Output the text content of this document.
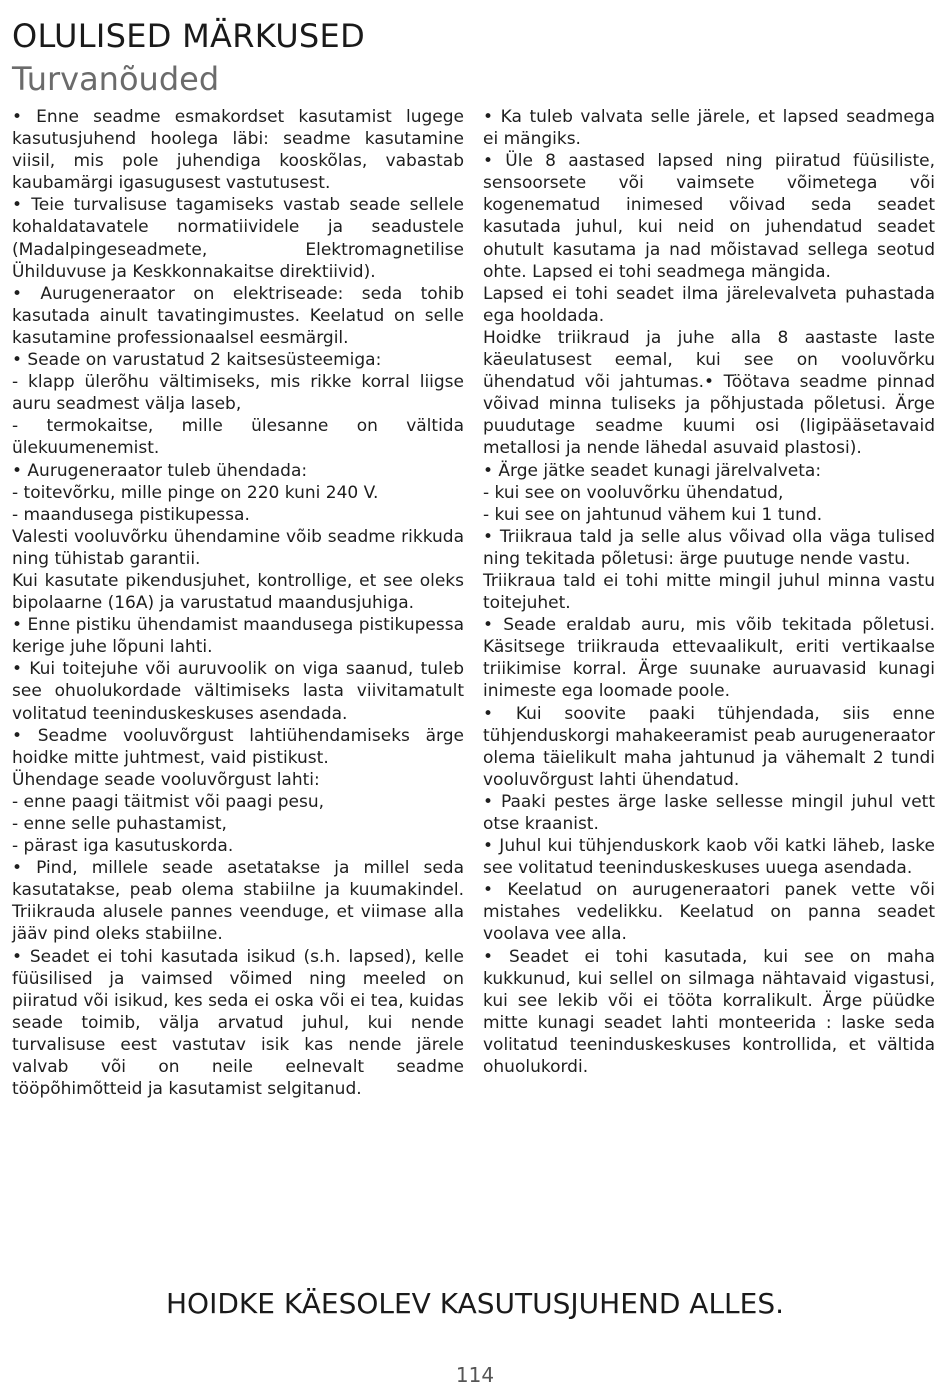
OLULISED MÄRKUSED
Turvanõuded

• Enne seadme esmakordset kasutamist lugege kasutusjuhend hoolega läbi: seadme kasutamine viisil, mis pole juhendiga kooskõlas, vabastab kaubamärgi igasugusest vastutusest.

• Teie turvalisuse tagamiseks vastab seade sellele kohaldatavatele normatiividele ja seadustele (Madalpingeseadmete, Elektromagnetilise Ühilduvuse ja Keskkonnakaitse direktiivid).

• Aurugeneraator on elektriseade: seda tohib kasutada ainult tavatingimustes. Keelatud on selle kasutamine professionaalsel eesmärgil.

• Seade on varustatud 2 kaitsesüsteemiga:

- klapp ülerõhu vältimiseks, mis rikke korral liigse auru seadmest välja laseb,

- termokaitse, mille ülesanne on vältida ülekuumenemist.

• Aurugeneraator tuleb ühendada:

- toitevõrku, mille pinge on 220 kuni 240 V.

- maandusega pistikupessa.

Valesti vooluvõrku ühendamine võib seadme rikkuda ning tühistab garantii.

Kui kasutate pikendusjuhet, kontrollige, et see oleks bipolaarne (16A) ja varustatud maandusjuhiga.

• Enne pistiku ühendamist maandusega pistikupessa kerige juhe lõpuni lahti.

• Kui toitejuhe või auruvoolik on viga saanud, tuleb see ohuolukordade vältimiseks lasta viivitamatult volitatud teeninduskeskuses asendada.

• Seadme vooluvõrgust lahtiühendamiseks ärge hoidke mitte juhtmest, vaid pistikust.

Ühendage seade vooluvõrgust lahti:

- enne paagi täitmist või paagi pesu,

- enne selle puhastamist,

- pärast iga kasutuskorda.

• Pind, millele seade asetatakse ja millel seda kasutatakse, peab olema stabiilne ja kuumakindel. Triikrauda alusele pannes veenduge, et viimase alla jääv pind oleks stabiilne.

• Seadet ei tohi kasutada isikud (s.h. lapsed), kelle füüsilised ja vaimsed võimed ning meeled on piiratud või isikud, kes seda ei oska või ei tea, kuidas seade toimib, välja arvatud juhul, kui nende turvalisuse eest vastutav isik kas nende järele valvab või on neile eelnevalt seadme tööpõhimõtteid ja kasutamist selgitanud.

• Ka tuleb valvata selle järele, et lapsed seadmega ei mängiks.

• Üle 8 aastased lapsed ning piiratud füüsiliste, sensoorsete või vaimsete võimetega või kogenematud inimesed võivad seda seadet kasutada juhul, kui neid on juhendatud seadet ohutult kasutama ja nad mõistavad sellega seotud ohte. Lapsed ei tohi seadmega mängida.

Lapsed ei tohi seadet ilma järelevalveta puhastada ega hooldada.

Hoidke triikraud ja juhe alla 8 aastaste laste käeulatusest eemal, kui see on vooluvõrku ühendatud või jahtumas.• Töötava seadme pinnad võivad minna tuliseks ja põhjustada põletusi. Ärge puudutage seadme kuumi osi (ligipääsetavaid metallosi ja nende lähedal asuvaid plastosi).

• Ärge jätke seadet kunagi järelvalveta:

- kui see on vooluvõrku ühendatud,

- kui see on jahtunud vähem kui 1 tund.

• Triikraua tald ja selle alus võivad olla väga tulised ning tekitada põletusi: ärge puutuge nende vastu.

Triikraua tald ei tohi mitte mingil juhul minna vastu toitejuhet.

• Seade eraldab auru, mis võib tekitada põletusi. Käsitsege triikrauda ettevaalikult, eriti vertikaalse triikimise korral. Ärge suunake auruavasid kunagi inimeste ega loomade poole.

• Kui soovite paaki tühjendada, siis enne tühjenduskorgi mahakeeramist peab aurugeneraator olema täielikult maha jahtunud ja vähemalt 2 tundi vooluvõrgust lahti ühendatud.

• Paaki pestes ärge laske sellesse mingil juhul vett otse kraanist.

• Juhul kui tühjenduskork kaob või katki läheb, laske see volitatud teeninduskeskuses uuega asendada.

• Keelatud on aurugeneraatori panek vette või mistahes vedelikku. Keelatud on panna seadet voolava vee alla.

• Seadet ei tohi kasutada, kui see on maha kukkunud, kui sellel on silmaga nähtavaid vigastusi, kui see lekib või ei tööta korralikult. Ärge püüdke mitte kunagi seadet lahti monteerida : laske seda volitatud teeninduskeskuses kontrollida, et vältida ohuolukordi.

HOIDKE KÄESOLEV KASUTUSJUHEND ALLES.

114
